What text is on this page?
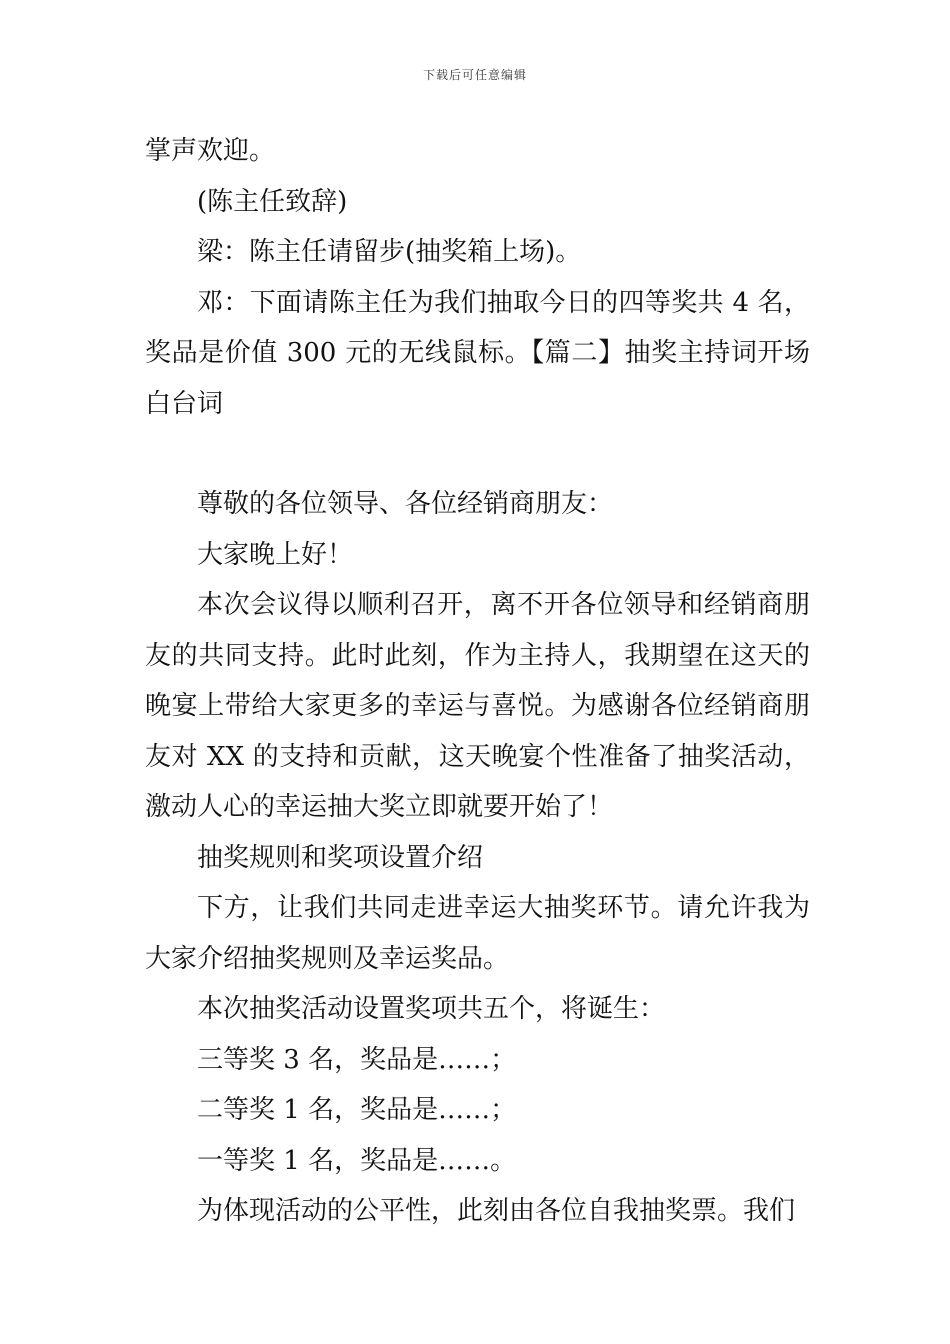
下载后可任意编辑

掌声欢迎。

(陈主任致辞)

梁：陈主任请留步(抽奖箱上场)。

邓：下面请陈主任为我们抽取今日的四等奖共 4 名，奖品是价值 300 元的无线鼠标。【篇二】抽奖主持词开场白台词

尊敬的各位领导、各位经销商朋友：

大家晚上好！

本次会议得以顺利召开，离不开各位领导和经销商朋友的共同支持。此时此刻，作为主持人，我期望在这天的晚宴上带给大家更多的幸运与喜悦。为感谢各位经销商朋友对 XX 的支持和贡献，这天晚宴个性准备了抽奖活动，激动人心的幸运抽大奖立即就要开始了！

抽奖规则和奖项设置介绍

下方，让我们共同走进幸运大抽奖环节。请允许我为大家介绍抽奖规则及幸运奖品。

本次抽奖活动设置奖项共五个，将诞生：

三等奖 3 名，奖品是……；

二等奖 1 名，奖品是……；

一等奖 1 名，奖品是……。

为体现活动的公平性，此刻由各位自我抽奖票。我们
